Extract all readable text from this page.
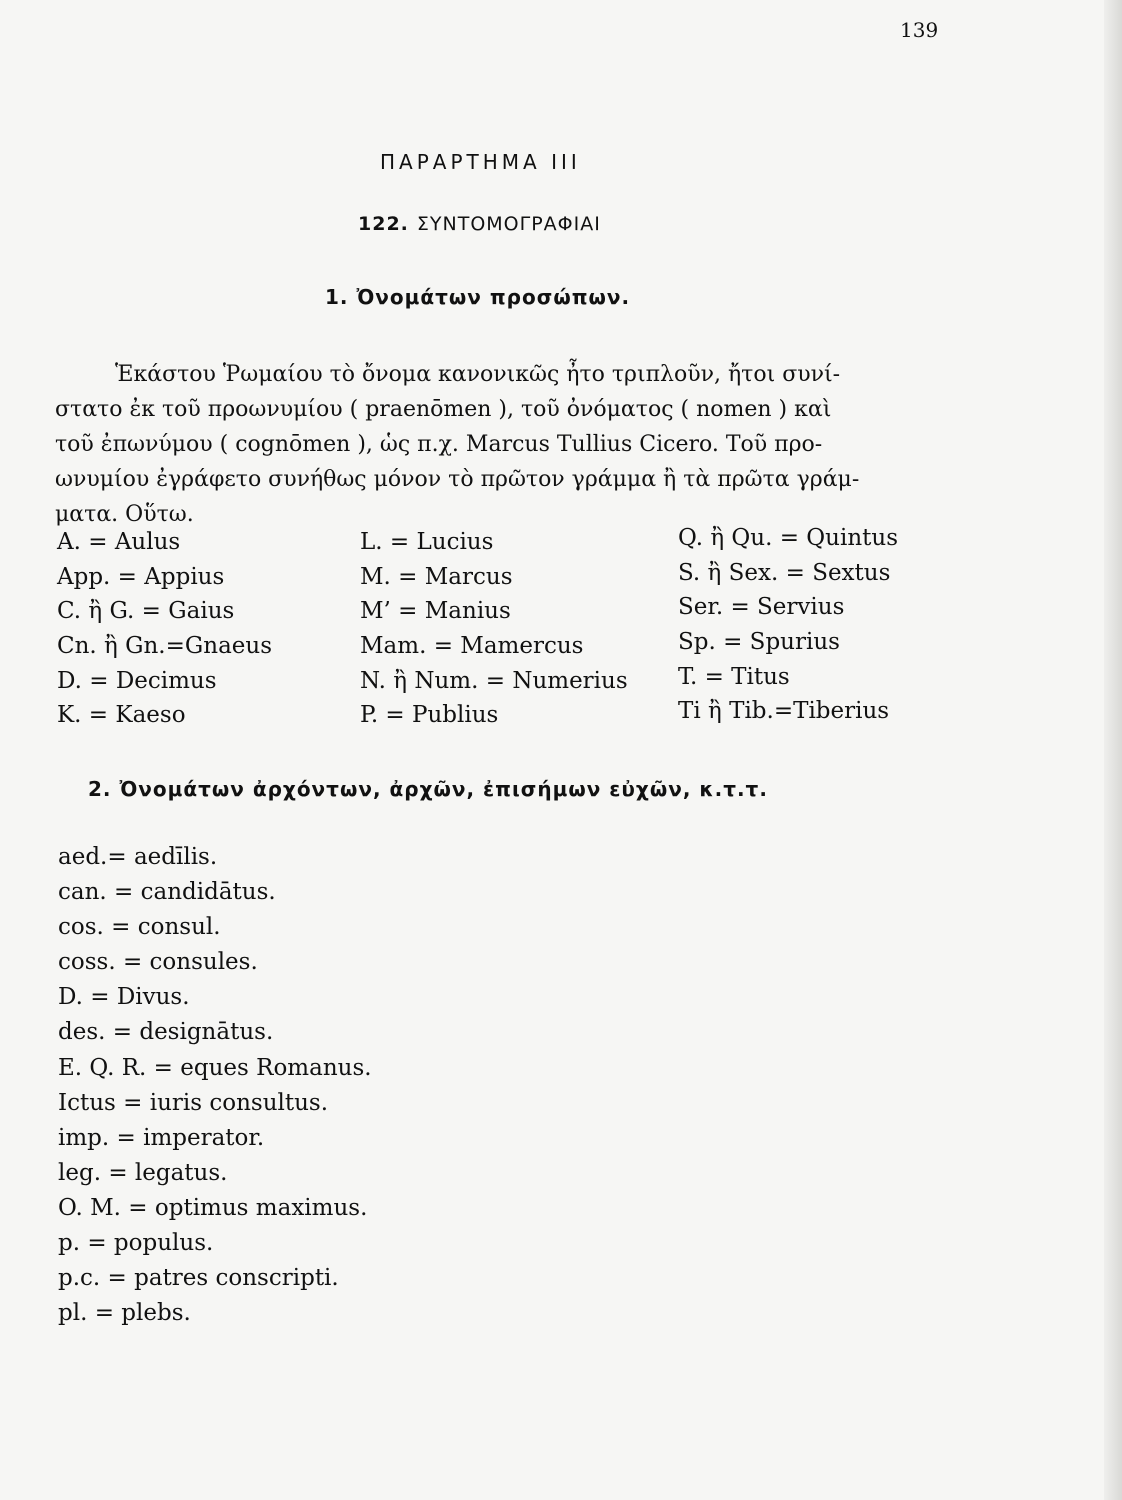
139
ΠΑΡΑΡΤΗΜΑ ΙΙΙ
122. ΣΥΝΤΟΜΟΓΡΑΦΙΑΙ
1. Ὀνομάτων προσώπων.

Ἑκάστου Ῥωμαίου τὸ ὄνομα κανονικῶς ἦτο τριπλοῦν, ἤτοι συνί-

στατο ἐκ τοῦ προωνυμίου ( praenōmen ), τοῦ ὀνόματος ( nomen ) καὶ

τοῦ ἐπωνύμου ( cognōmen ), ὡς π.χ. Marcus Tullius Cicero. Τοῦ προ-

ωνυμίου ἐγράφετο συνήθως μόνον τὸ πρῶτον γράμμα ἢ τὰ πρῶτα γράμ-

ματα. Οὕτω.

A. = Aulus
App. = Appius
C. ἢ G. = Gaius
Cn. ἢ Gn.=Gnaeus
D. = Decimus
K. = Kaeso
L. = Lucius
M. = Marcus
M’ = Manius
Mam. = Mamercus
N. ἢ Num. = Numerius
P. = Publius
Q. ἢ Qu. = Quintus
S. ἢ Sex. = Sextus
Ser. = Servius
Sp. = Spurius
T. = Titus
Ti ἢ Tib.=Tiberius
2. Ὀνομάτων ἀρχόντων, ἀρχῶν, ἐπισήμων εὐχῶν, κ.τ.τ.
aed.= aedīlis.
can. = candidātus.
cos. = consul.
coss. = consules.
D. = Divus.
des. = designātus.
E. Q. R. = eques Romanus.
Ictus = iuris consultus.
imp. = imperator.
leg. = legatus.
O. M. = optimus maximus.
p. = populus.
p.c. = patres conscripti.
pl. = plebs.
